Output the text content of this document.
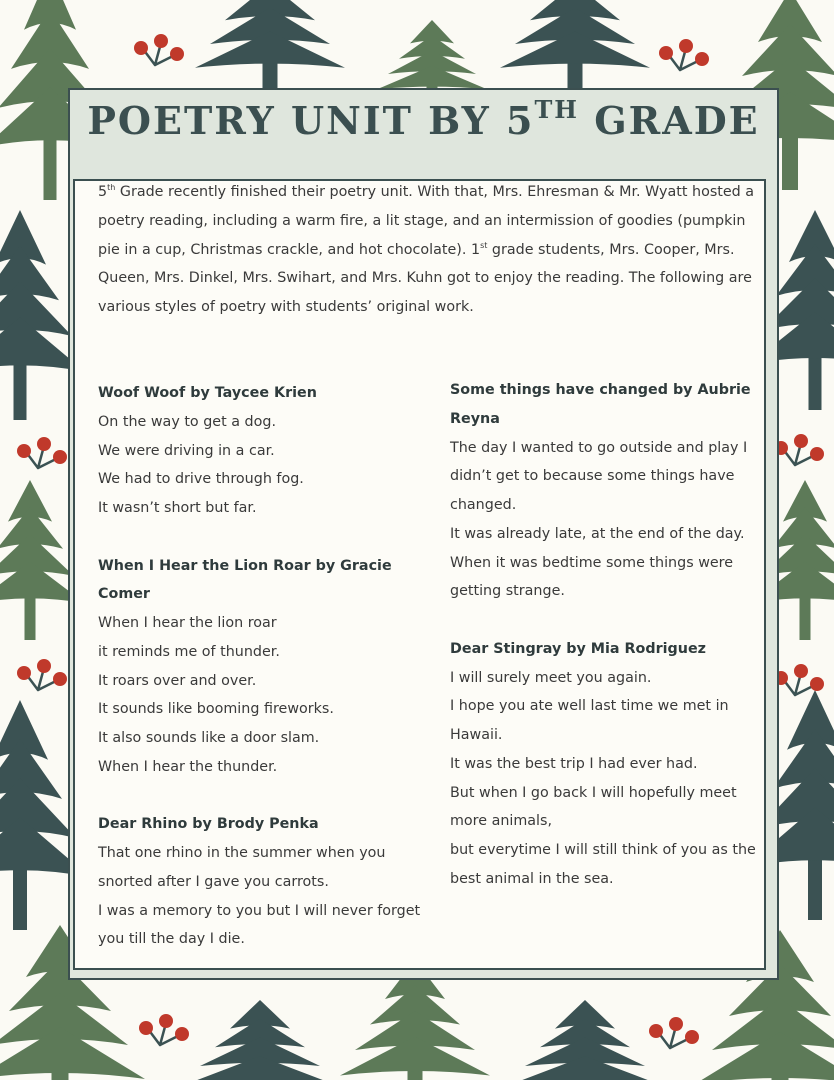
POETRY UNIT BY 5TH GRADE
5th Grade recently finished their poetry unit. With that, Mrs. Ehresman & Mr. Wyatt hosted a poetry reading, including a warm fire, a lit stage, and an intermission of goodies (pumpkin pie in a cup, Christmas crackle, and hot chocolate). 1st grade students, Mrs. Cooper, Mrs. Queen, Mrs. Dinkel, Mrs. Swihart, and Mrs. Kuhn got to enjoy the reading. The following are various styles of poetry with students’ original work.
Woof Woof by Taycee Krien
On the way to get a dog.
We were driving in a car.
We had to drive through fog.
It wasn’t short but far.
When I Hear the Lion Roar by Gracie Comer
When I hear the lion roar
it reminds me of thunder.
It roars over and over.
It sounds like booming fireworks.
It also sounds like a door slam.
When I hear the thunder.
Dear Rhino by Brody Penka
That one rhino in the summer when you snorted after I gave you carrots.
I was a memory to you but I will never forget you till the day I die.
Some things have changed by Aubrie Reyna
The day I wanted to go outside and play I didn’t get to because some things have changed.
It was already late, at the end of the day.
When it was bedtime some things were getting strange.
Dear Stingray by Mia Rodriguez
I will surely meet you again.
I hope you ate well last time we met in Hawaii.
It was the best trip I had ever had.
But when I go back I will hopefully meet more animals,
but everytime I will still think of you as the best animal in the sea.
